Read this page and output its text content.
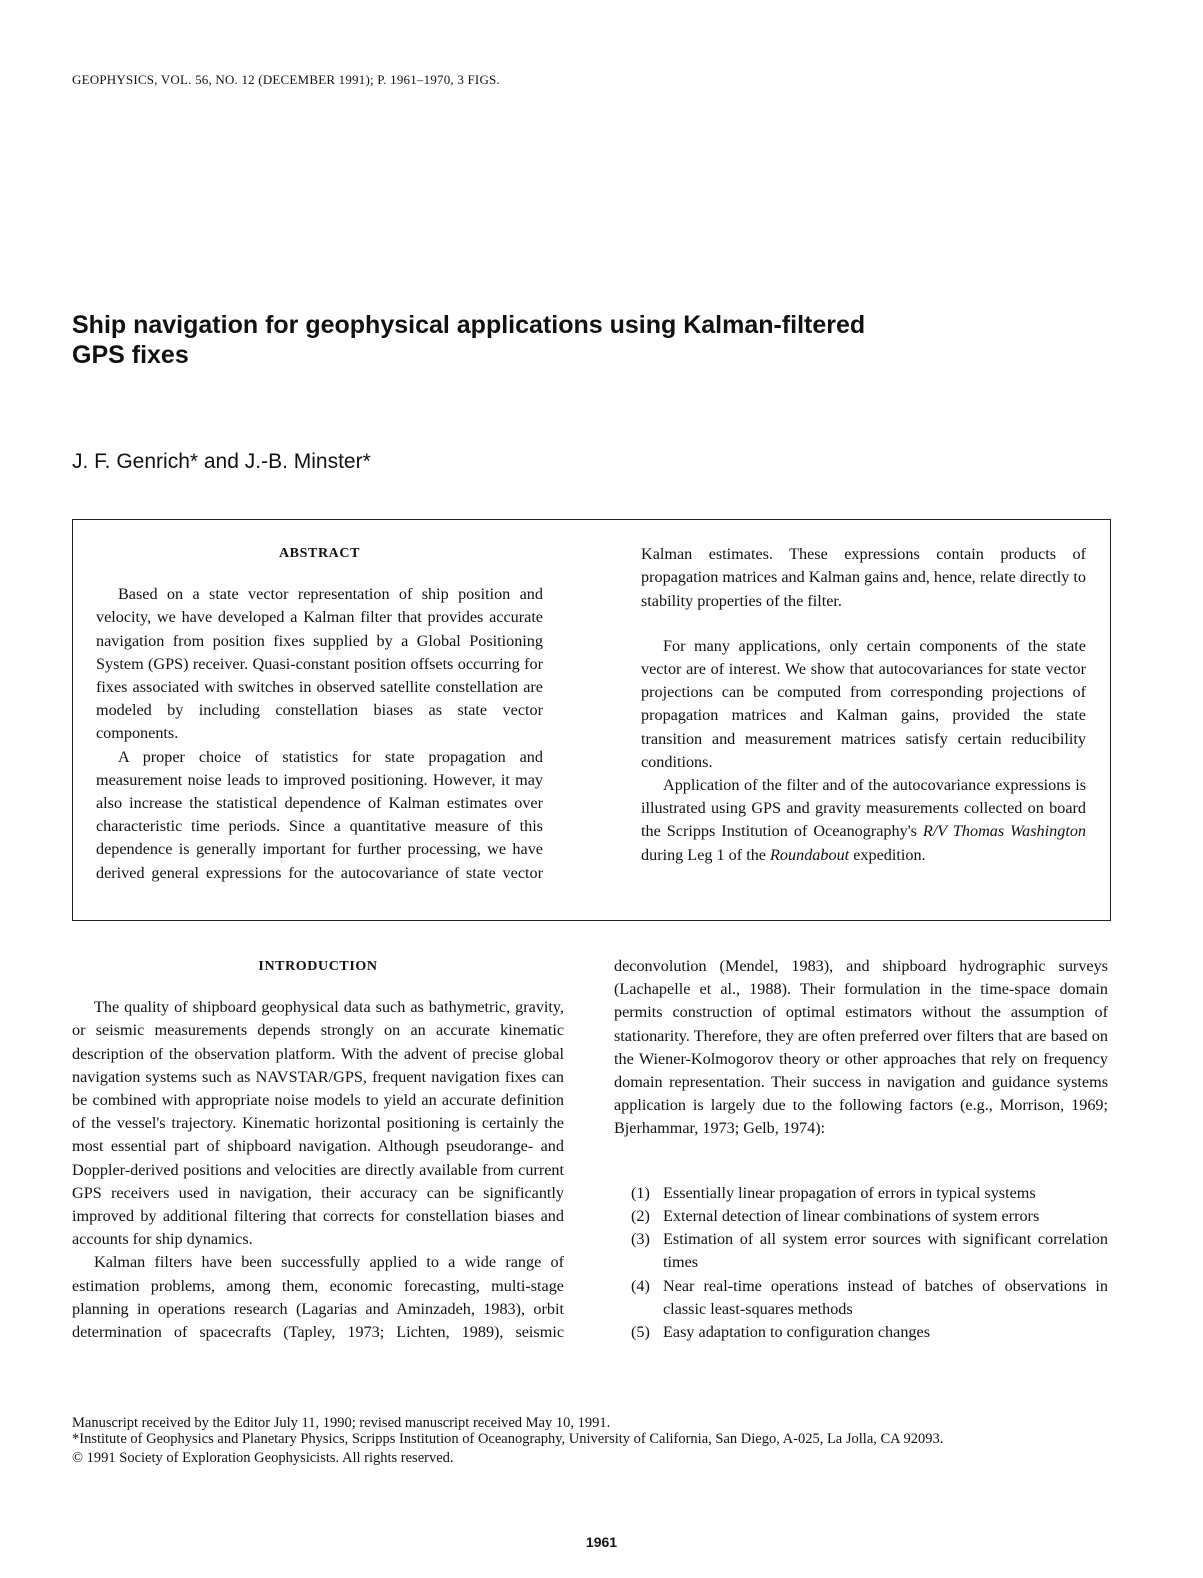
GEOPHYSICS, VOL. 56, NO. 12 (DECEMBER 1991); P. 1961–1970, 3 FIGS.
Ship navigation for geophysical applications using Kalman-filtered GPS fixes
J. F. Genrich* and J.-B. Minster*
ABSTRACT

Based on a state vector representation of ship position and velocity, we have developed a Kalman filter that provides accurate navigation from position fixes supplied by a Global Positioning System (GPS) receiver. Quasi-constant position offsets occurring for fixes associated with switches in observed satellite constellation are modeled by including constellation biases as state vector components.

A proper choice of statistics for state propagation and measurement noise leads to improved positioning. However, it may also increase the statistical dependence of Kalman estimates over characteristic time periods. Since a quantitative measure of this dependence is generally important for further processing, we have derived general expressions for the autocovariance of state vector

Kalman estimates. These expressions contain products of propagation matrices and Kalman gains and, hence, relate directly to stability properties of the filter.

For many applications, only certain components of the state vector are of interest. We show that autocovariances for state vector projections can be computed from corresponding projections of propagation matrices and Kalman gains, provided the state transition and measurement matrices satisfy certain reducibility conditions.

Application of the filter and of the autocovariance expressions is illustrated using GPS and gravity measurements collected on board the Scripps Institution of Oceanography's R/V Thomas Washington during Leg 1 of the Roundabout expedition.

INTRODUCTION

The quality of shipboard geophysical data such as bathymetric, gravity, or seismic measurements depends strongly on an accurate kinematic description of the observation platform. With the advent of precise global navigation systems such as NAVSTAR/GPS, frequent navigation fixes can be combined with appropriate noise models to yield an accurate definition of the vessel's trajectory. Kinematic horizontal positioning is certainly the most essential part of shipboard navigation. Although pseudorange- and Doppler-derived positions and velocities are directly available from current GPS receivers used in navigation, their accuracy can be significantly improved by additional filtering that corrects for constellation biases and accounts for ship dynamics.

Kalman filters have been successfully applied to a wide range of estimation problems, among them, economic forecasting, multi-stage planning in operations research (Lagarias and Aminzadeh, 1983), orbit determination of spacecrafts (Tapley, 1973; Lichten, 1989), seismic

deconvolution (Mendel, 1983), and shipboard hydrographic surveys (Lachapelle et al., 1988). Their formulation in the time-space domain permits construction of optimal estimators without the assumption of stationarity. Therefore, they are often preferred over filters that are based on the Wiener-Kolmogorov theory or other approaches that rely on frequency domain representation. Their success in navigation and guidance systems application is largely due to the following factors (e.g., Morrison, 1969; Bjerhammar, 1973; Gelb, 1974):

(1) Essentially linear propagation of errors in typical systems
(2) External detection of linear combinations of system errors
(3) Estimation of all system error sources with significant correlation times
(4) Near real-time operations instead of batches of observations in classic least-squares methods
(5) Easy adaptation to configuration changes
Manuscript received by the Editor July 11, 1990; revised manuscript received May 10, 1991.
*Institute of Geophysics and Planetary Physics, Scripps Institution of Oceanography, University of California, San Diego, A-025, La Jolla, CA 92093.
© 1991 Society of Exploration Geophysicists. All rights reserved.
1961
